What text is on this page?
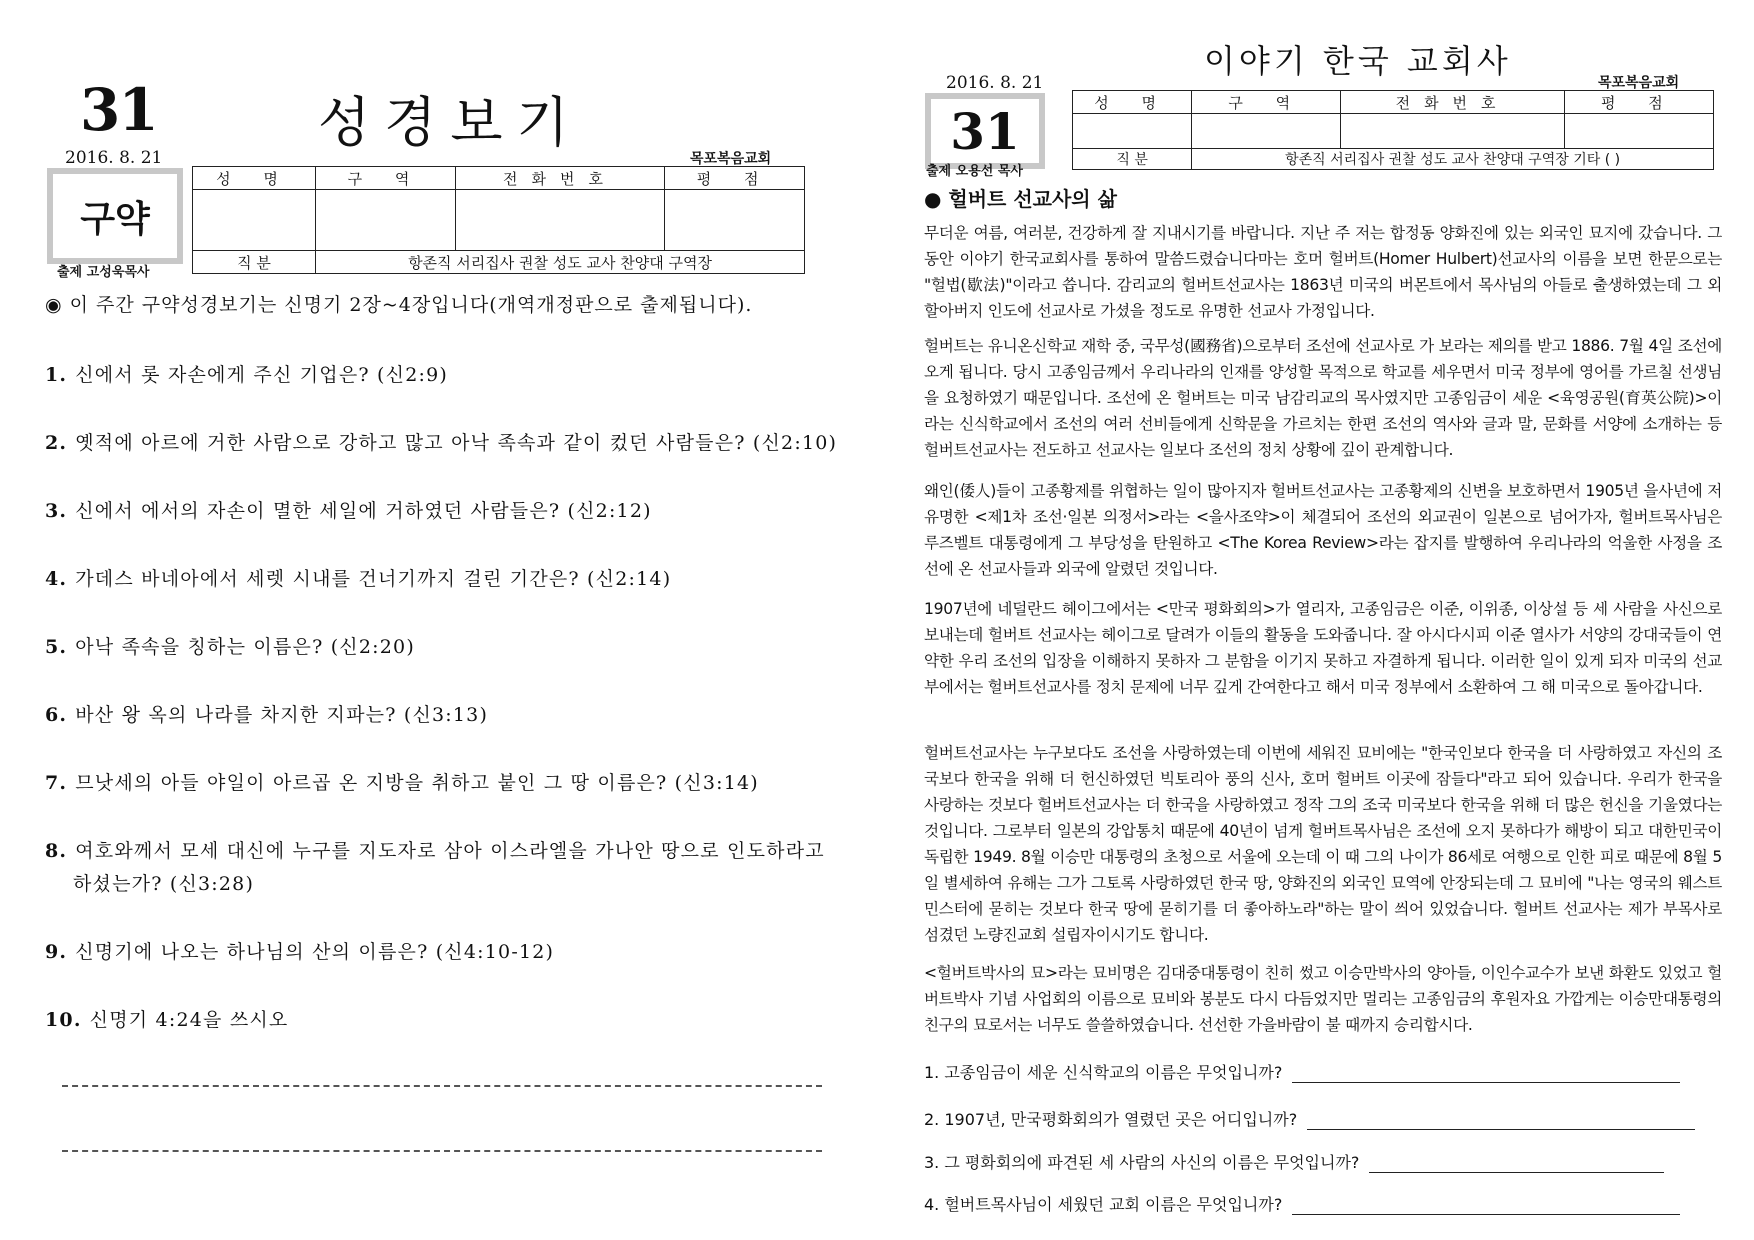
31	성경보기
2016. 8. 21	목포복음교회
구약
출제 고성욱목사
성 명	구 역	전화번호	평 점

직 분	항존직 서리집사 권찰 성도 교사 찬양대 구역장		
◉ 이 주간 구약성경보기는 신명기 2장~4장입니다(개역개정판으로 출제됩니다).
1. 신에서 롯 자손에게 주신 기업은? (신2:9)
2. 옛적에 아르에 거한 사람으로 강하고 많고 아낙 족속과 같이 컸던 사람들은? (신2:10)
3. 신에서 에서의 자손이 멸한 세일에 거하였던 사람들은? (신2:12)
4. 가데스 바네아에서 세렛 시내를 건너기까지 걸린 기간은? (신2:14)
5. 아낙 족속을 칭하는 이름은? (신2:20)
6. 바산 왕 옥의 나라를 차지한 지파는? (신3:13)
7. 므낫세의 아들 야일이 아르곱 온 지방을 취하고 붙인 그 땅 이름은? (신3:14)
8. 여호와께서 모세 대신에 누구를 지도자로 삼아 이스라엘을 가나안 땅으로 인도하라고
하셨는가? (신3:28)
9. 신명기에 나오는 하나님의 산의 이름은? (신4:10-12)
10. 신명기 4:24을 쓰시오
이야기 한국 교회사
2016. 8. 21	목포복음교회
31
출제 오용선 목사
성 명	구 역	전화번호	평 점

직 분	항존직 서리집사 권찰 성도 교사 찬양대 구역장 기타 ( )		
● 헐버트 선교사의 삶
무더운 여름, 여러분, 건강하게 잘 지내시기를 바랍니다. 지난 주 저는 합정동 양화진에 있는 외국인 묘지에 갔습니다. 그 동안 이야기 한국교회사를 통하여 말씀드렸습니다마는 호머 헐버트(Homer Hulbert)선교사의 이름을 보면 한문으로는 "헐법(歇法)"이라고 씁니다. 감리교의 헐버트선교사는 1863년 미국의 버몬트에서 목사님의 아들로 출생하였는데 그 외할아버지 인도에 선교사로 가셨을 정도로 유명한 선교사 가정입니다.
헐버트는 유니온신학교 재학 중, 국무성(國務省)으로부터 조선에 선교사로 가 보라는 제의를 받고 1886. 7월 4일 조선에 오게 됩니다. 당시 고종임금께서 우리나라의 인재를 양성할 목적으로 학교를 세우면서 미국 정부에 영어를 가르칠 선생님을 요청하였기 때문입니다. 조선에 온 헐버트는 미국 남감리교의 목사였지만 고종임금이 세운 <육영공원(育英公院)>이라는 신식학교에서 조선의 여러 선비들에게 신학문을 가르치는 한편 조선의 역사와 글과 말, 문화를 서양에 소개하는 등 헐버트선교사는 전도하고 선교사는 일보다 조선의 정치 상황에 깊이 관계합니다.
왜인(倭人)들이 고종황제를 위협하는 일이 많아지자 헐버트선교사는 고종황제의 신변을 보호하면서 1905년 을사년에 저 유명한 <제1차 조선·일본 의정서>라는 <을사조약>이 체결되어 조선의 외교권이 일본으로 넘어가자, 헐버트목사님은 루즈벨트 대통령에게 그 부당성을 탄원하고 <The Korea Review>라는 잡지를 발행하여 우리나라의 억울한 사정을 조선에 온 선교사들과 외국에 알렸던 것입니다.
1907년에 네덜란드 헤이그에서는 <만국 평화회의>가 열리자, 고종임금은 이준, 이위종, 이상설 등 세 사람을 사신으로 보내는데 헐버트 선교사는 헤이그로 달려가 이들의 활동을 도와줍니다. 잘 아시다시피 이준 열사가 서양의 강대국들이 연약한 우리 조선의 입장을 이해하지 못하자 그 분함을 이기지 못하고 자결하게 됩니다. 이러한 일이 있게 되자 미국의 선교부에서는 헐버트선교사를 정치 문제에 너무 깊게 간여한다고 해서 미국 정부에서 소환하여 그 해 미국으로 돌아갑니다.
헐버트선교사는 누구보다도 조선을 사랑하였는데 이번에 세워진 묘비에는 "한국인보다 한국을 더 사랑하였고 자신의 조국보다 한국을 위해 더 헌신하였던 빅토리아 풍의 신사, 호머 헐버트 이곳에 잠들다"라고 되어 있습니다. 우리가 한국을 사랑하는 것보다 헐버트선교사는 더 한국을 사랑하였고 정작 그의 조국 미국보다 한국을 위해 더 많은 헌신을 기울였다는 것입니다. 그로부터 일본의 강압통치 때문에 40년이 넘게 헐버트목사님은 조선에 오지 못하다가 해방이 되고 대한민국이 독립한 1949. 8월 이승만 대통령의 초청으로 서울에 오는데 이 때 그의 나이가 86세로 여행으로 인한 피로 때문에 8월 5일 별세하여 유해는 그가 그토록 사랑하였던 한국 땅, 양화진의 외국인 묘역에 안장되는데 그 묘비에 "나는 영국의 웨스트민스터에 묻히는 것보다 한국 땅에 묻히기를 더 좋아하노라"하는 말이 씌어 있었습니다. 헐버트 선교사는 제가 부목사로 섬겼던 노량진교회 설립자이시기도 합니다.
<헐버트박사의 묘>라는 묘비명은 김대중대통령이 친히 썼고 이승만박사의 양아들, 이인수교수가 보낸 화환도 있었고 헐버트박사 기념 사업회의 이름으로 묘비와 봉분도 다시 다듬었지만 멀리는 고종임금의 후원자요 가깝게는 이승만대통령의 친구의 묘로서는 너무도 쓸쓸하였습니다. 선선한 가을바람이 불 때까지 승리합시다.
1. 고종임금이 세운 신식학교의 이름은 무엇입니까?
2. 1907년, 만국평화회의가 열렸던 곳은 어디입니까?
3. 그 평화회의에 파견된 세 사람의 사신의 이름은 무엇입니까?
4. 헐버트목사님이 세웠던 교회 이름은 무엇입니까?
